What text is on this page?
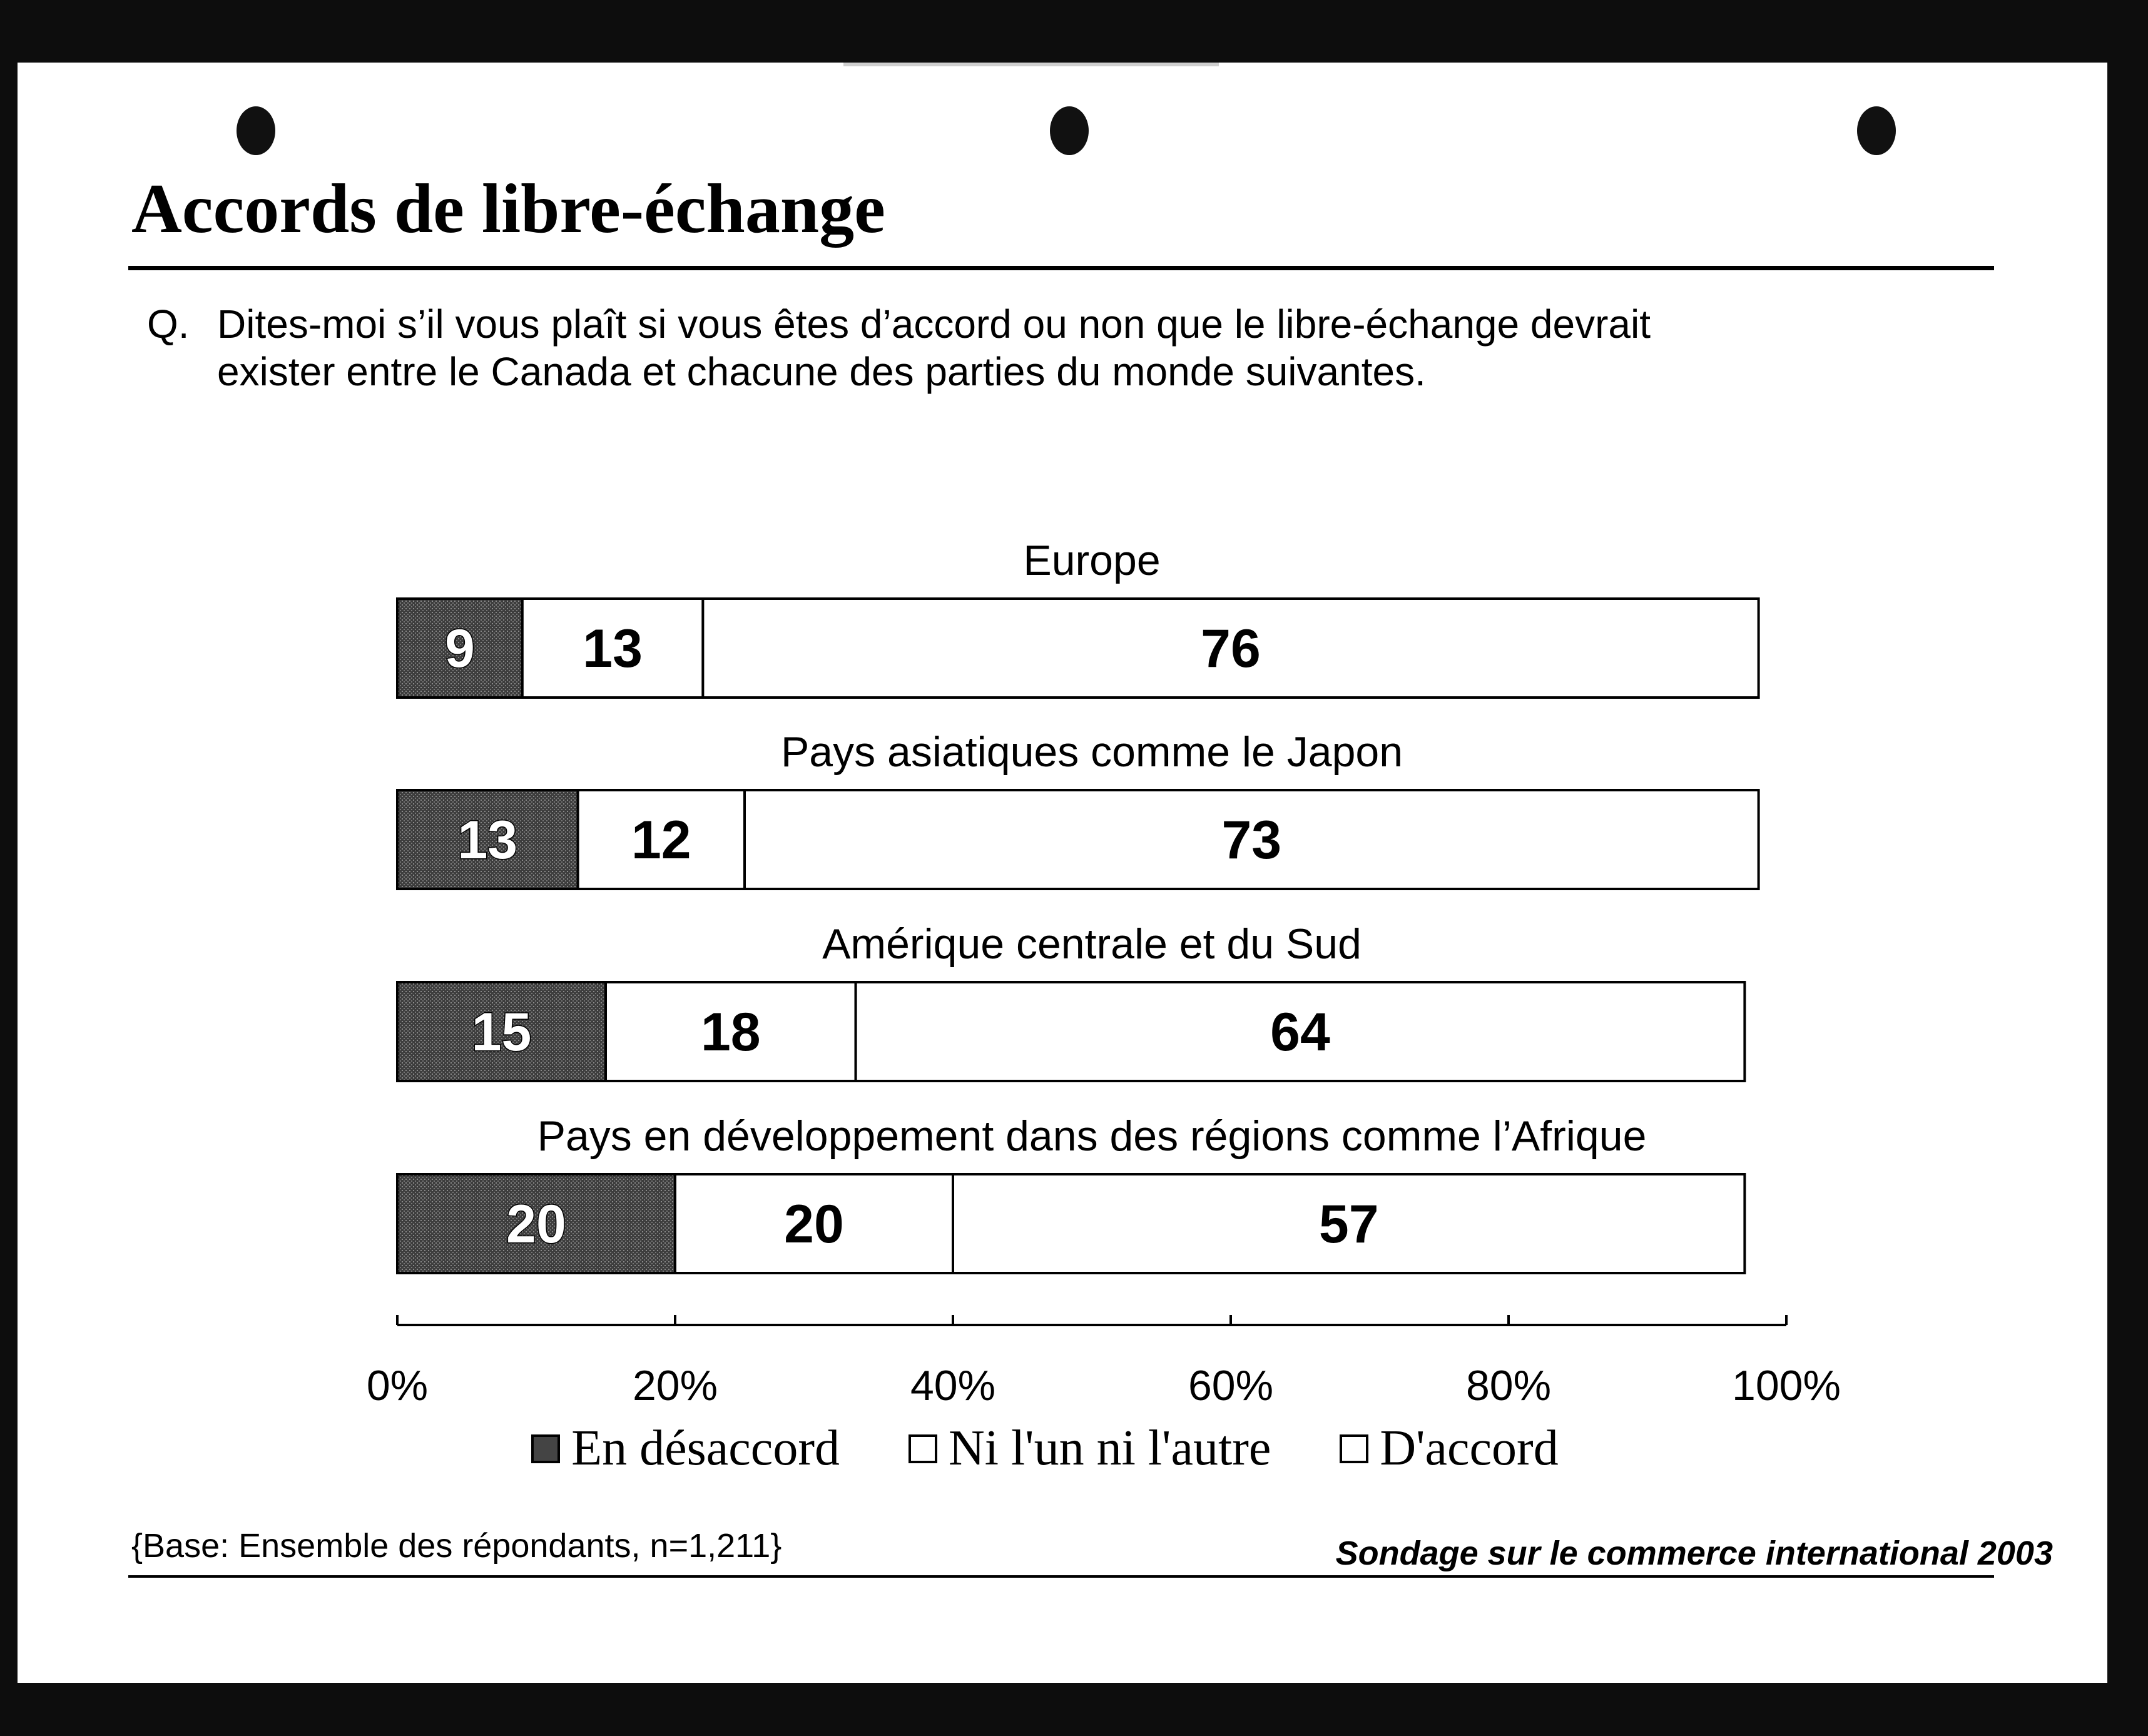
Accords de libre-échange
Q. Dites-moi s’il vous plaît si vous êtes d’accord ou non que le libre-échange devrait
exister entre le Canada et chacune des parties du monde suivantes.
Europe
9 13	76
Pays asiatiques comme le Japon
13 12	73
Amérique centrale et du Sud
15	18	64
Pays en développement dans des régions comme l’Afrique
20	20	57
0%	20%	40%	60%	80%	100%
En désaccord Ni l'un ni l'autre D'accord
{Base: Ensemble des répondants, n=1,211}	Sondage sur le commerce international 2003
